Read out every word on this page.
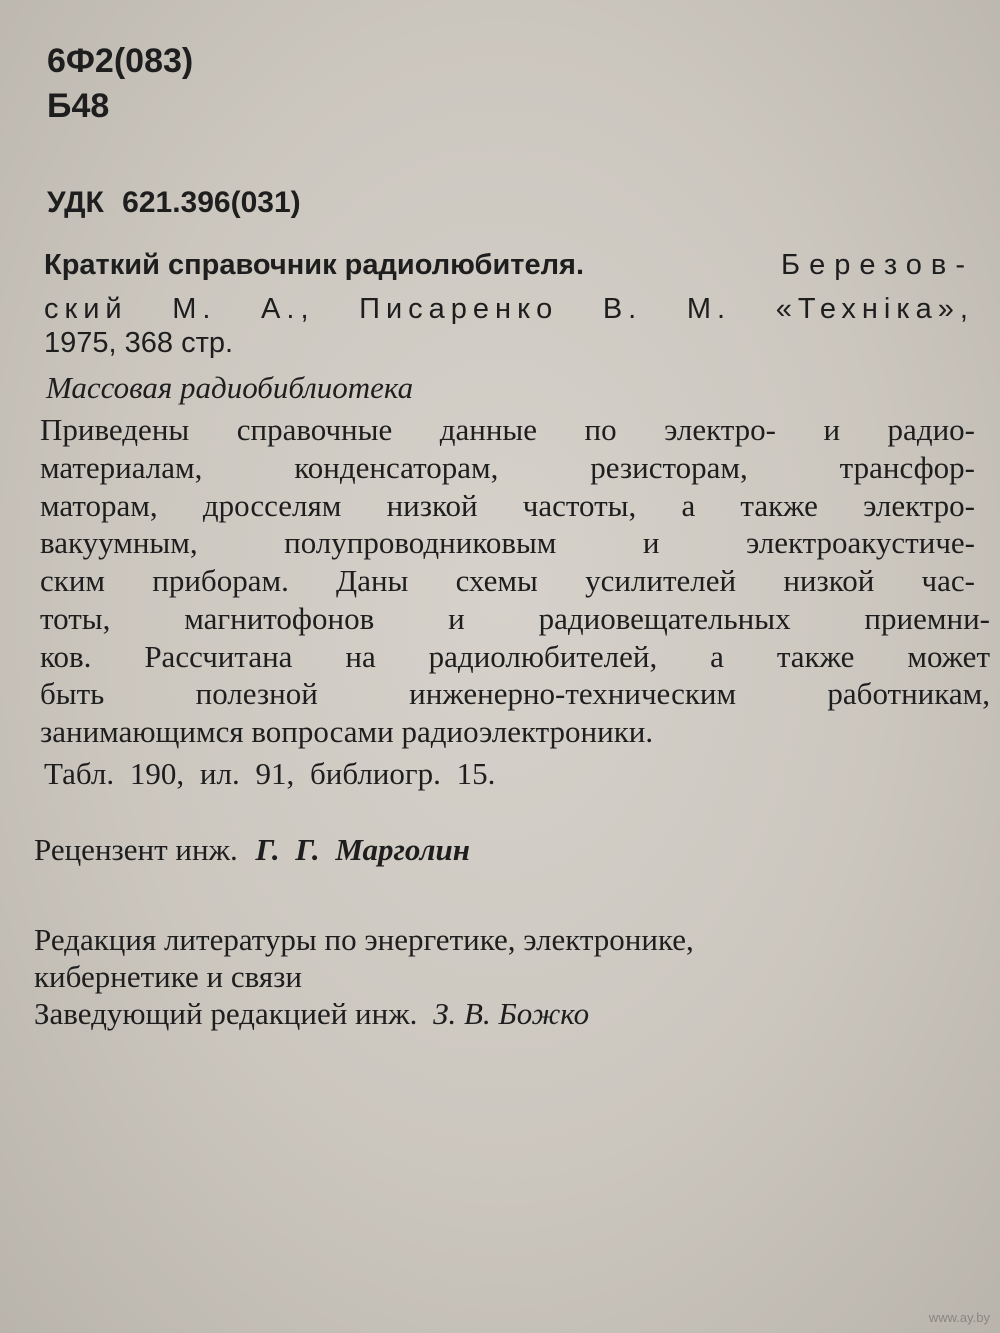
6Ф2(083)
Б48
УДК 621.396(031)
Краткий справочник радиолюбителя.	Березов-
ский М. А., Писаренко В. М. «Техніка»,
1975, 368 стр.
Массовая радиобиблиотека
Приведены справочные данные по электро- и радио-
материалам, конденсаторам, резисторам, трансфор-
маторам, дросселям низкой частоты, а также электро-
вакуумным, полупроводниковым и электроакустиче-
ским приборам. Даны схемы усилителей низкой час-
тоты, магнитофонов и радиовещательных приемни-
ков. Рассчитана на радиолюбителей, а также может
быть полезной инженерно-техническим работникам,
занимающимся вопросами радиоэлектроники.
Табл. 190, ил. 91, библиогр. 15.
Рецензент инж. Г. Г. Марголин
Редакция литературы по энергетике, электронике,
кибернетике и связи
Заведующий редакцией инж. З. В. Божко
www.ay.by
